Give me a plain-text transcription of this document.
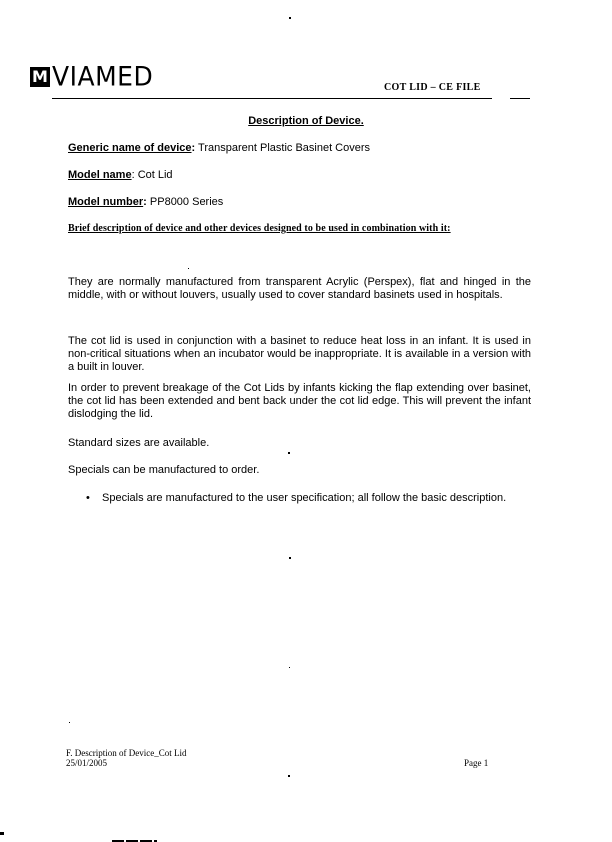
M VIAMED	COT LID – CE FILE
Description of Device.
Generic name of device: Transparent Plastic Basinet Covers
Model name: Cot Lid
Model number: PP8000 Series
Brief description of device and other devices designed to be used in combination with it:
They are normally manufactured from transparent Acrylic (Perspex), flat and hinged in the middle, with or without louvers, usually used to cover standard basinets used in hospitals.
The cot lid is used in conjunction with a basinet to reduce heat loss in an infant. It is used in non-critical situations when an incubator would be inappropriate. It is available in a version with a built in louver.
In order to prevent breakage of the Cot Lids by infants kicking the flap extending over basinet, the cot lid has been extended and bent back under the cot lid edge. This will prevent the infant dislodging the lid.
Standard sizes are available.
Specials can be manufactured to order.
•	Specials are manufactured to the user specification; all follow the basic description.
F. Description of Device_Cot Lid
25/01/2005	Page 1
